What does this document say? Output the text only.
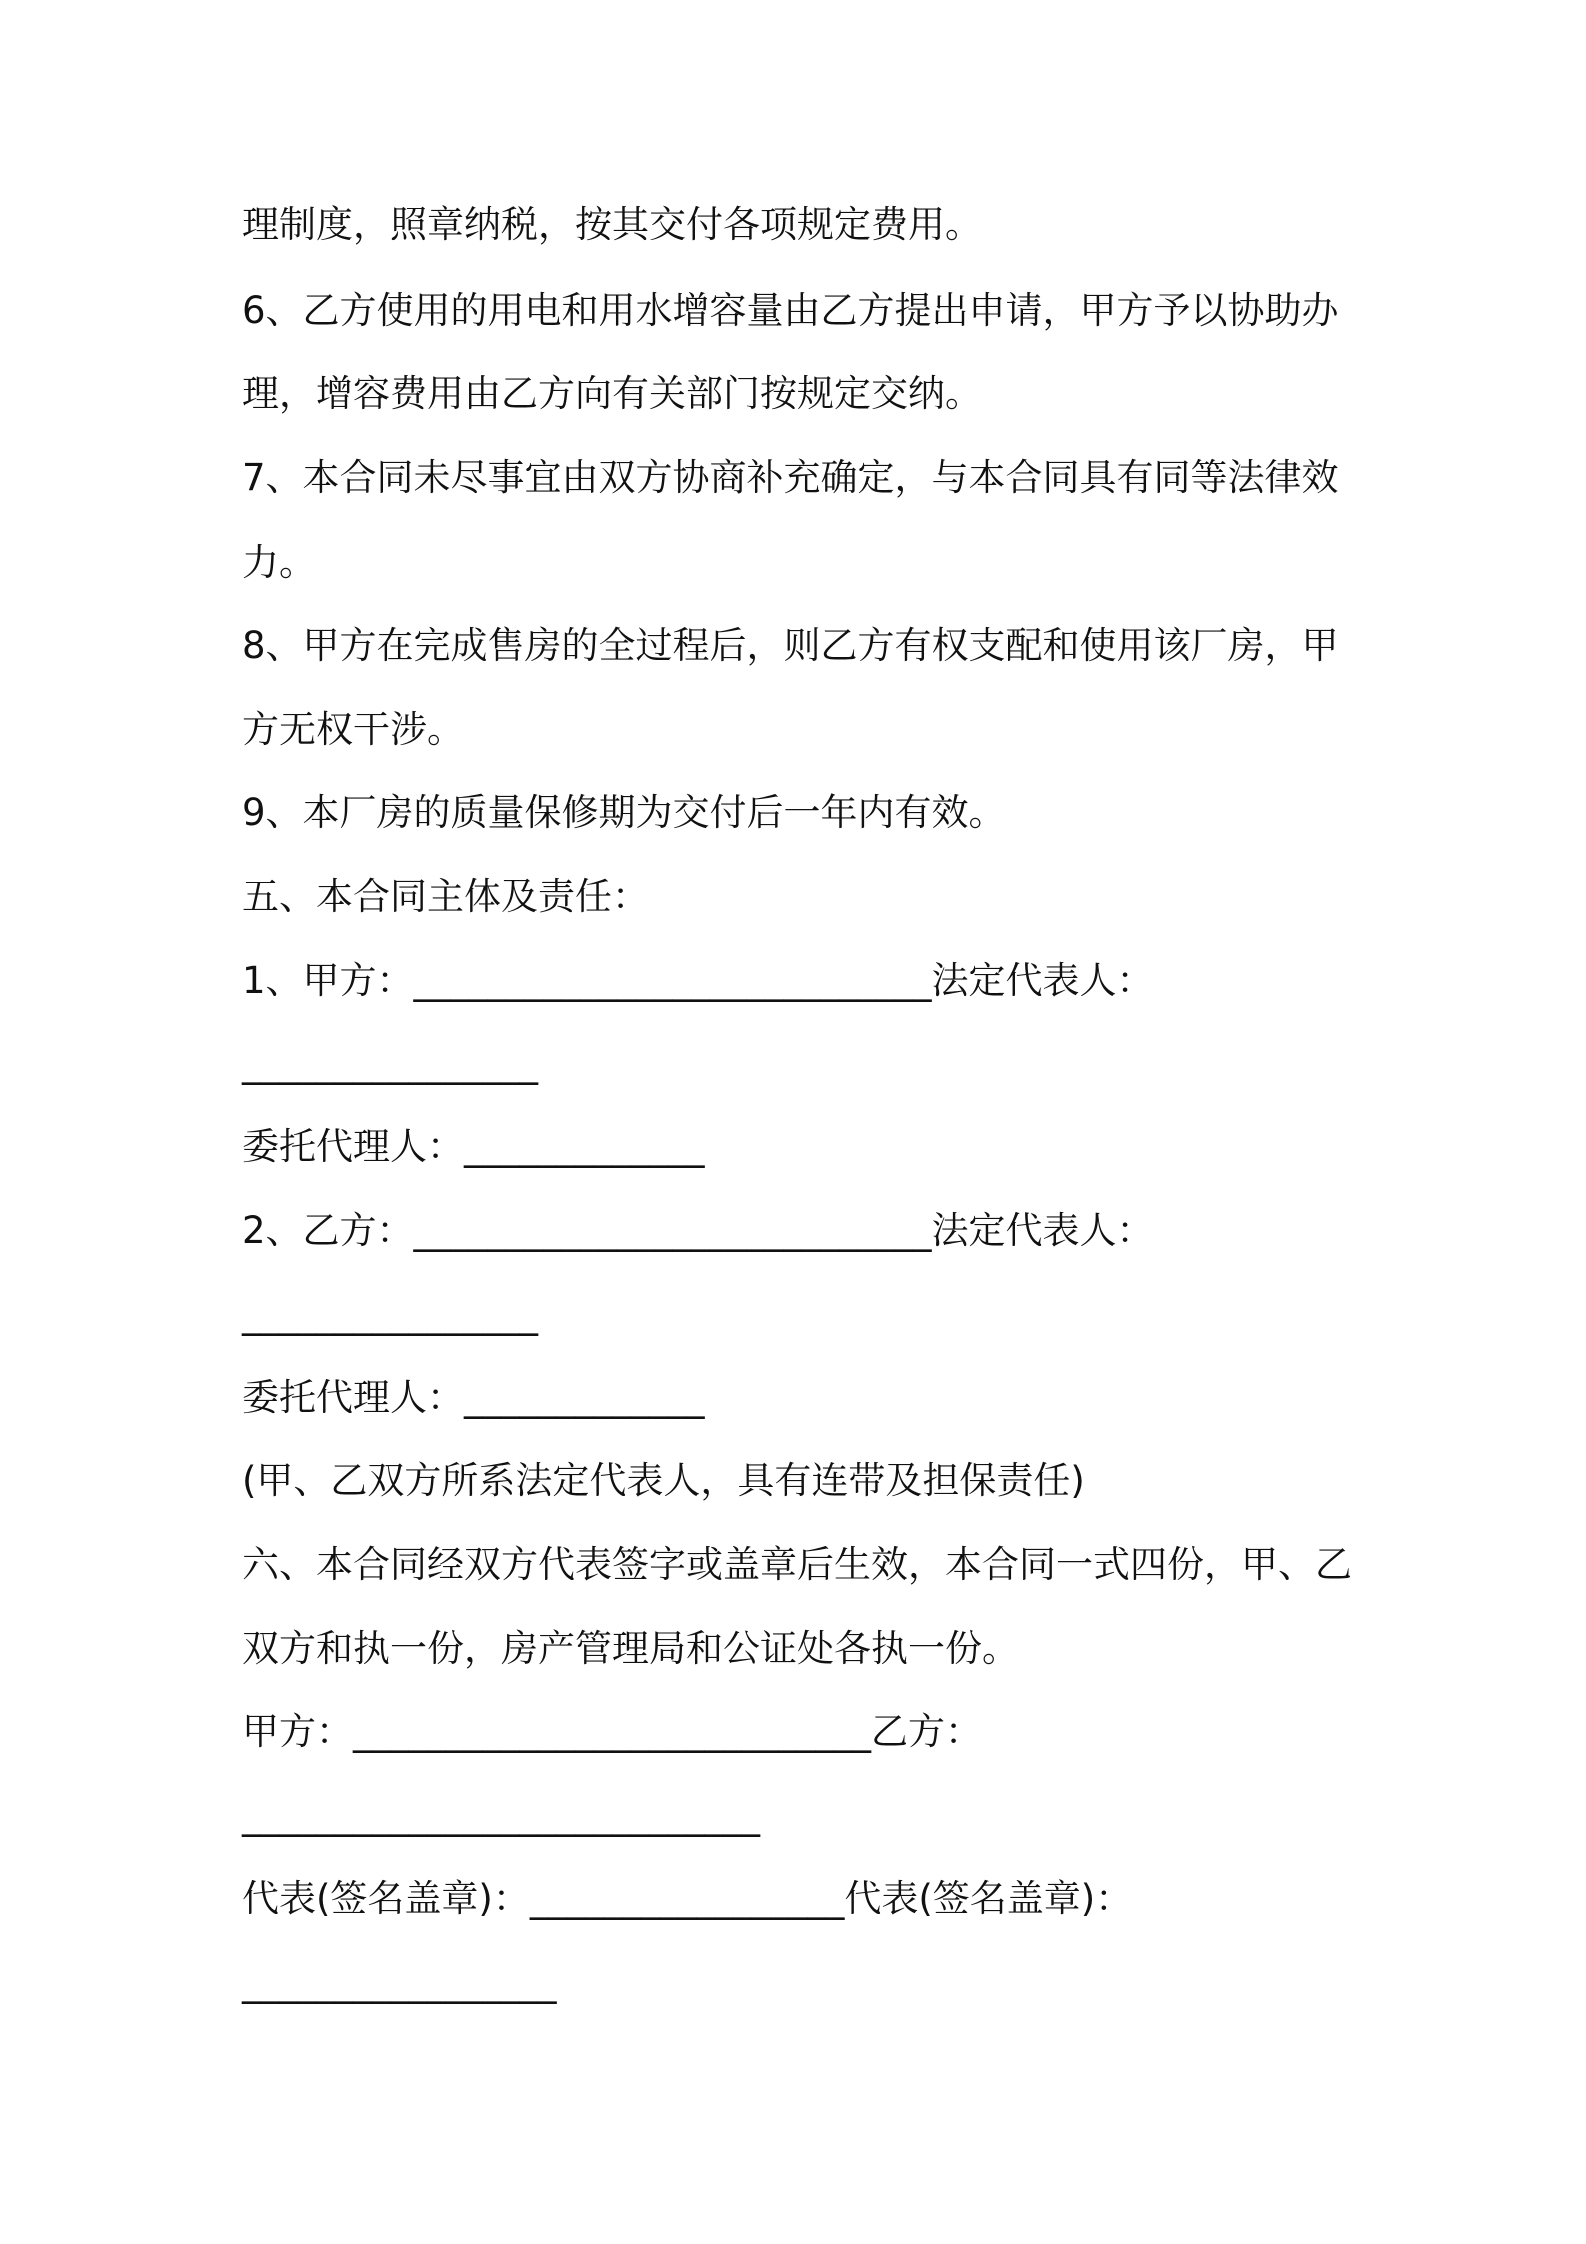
理制度，照章纳税，按其交付各项规定费用。
6、乙方使用的用电和用水增容量由乙方提出申请，甲方予以协助办
理，增容费用由乙方向有关部门按规定交纳。
7、本合同未尽事宜由双方协商补充确定，与本合同具有同等法律效
力。
8、甲方在完成售房的全过程后，则乙方有权支配和使用该厂房，甲
方无权干涉。
9、本厂房的质量保修期为交付后一年内有效。
五、本合同主体及责任：
1、甲方：____________________________法定代表人：
________________
委托代理人：_____________
2、乙方：____________________________法定代表人：
________________
委托代理人：_____________
(甲、乙双方所系法定代表人，具有连带及担保责任)
六、本合同经双方代表签字或盖章后生效，本合同一式四份，甲、乙
双方和执一份，房产管理局和公证处各执一份。
甲方：____________________________乙方：
____________________________
代表(签名盖章)：_________________代表(签名盖章)：
_________________
